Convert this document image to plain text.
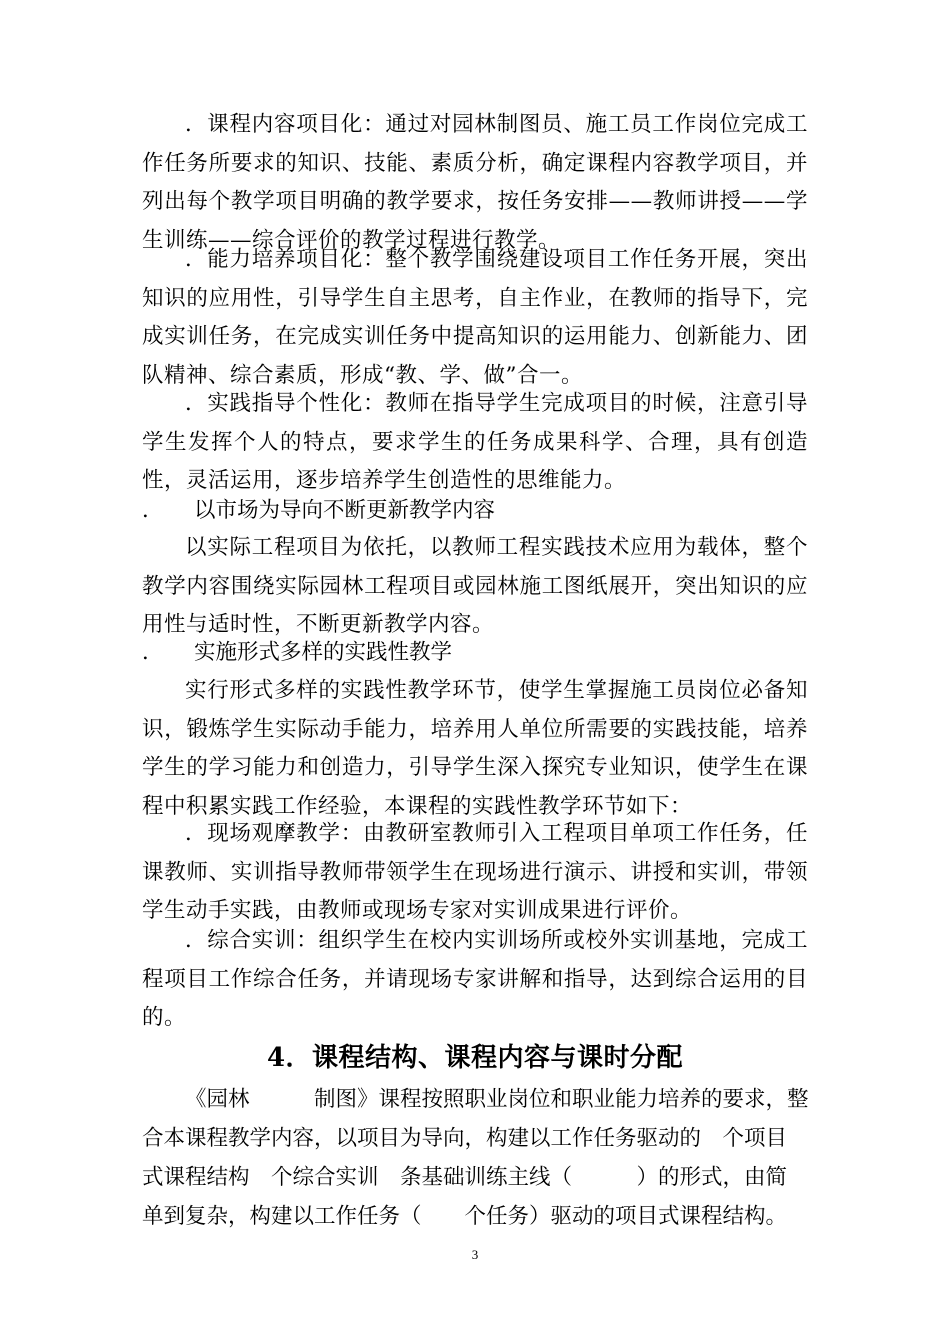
．课程内容项目化：通过对园林制图员、施工员工作岗位完成工作任务所要求的知识、技能、素质分析，确定课程内容教学项目，并列出每个教学项目明确的教学要求，按任务安排——教师讲授——学生训练——综合评价的教学过程进行教学。

．能力培养项目化：整个教学围绕建设项目工作任务开展，突出知识的应用性，引导学生自主思考，自主作业，在教师的指导下，完成实训任务，在完成实训任务中提高知识的运用能力、创新能力、团队精神、综合素质，形成“教、学、做”合一。

．实践指导个性化：教师在指导学生完成项目的时候，注意引导学生发挥个人的特点，要求学生的任务成果科学、合理，具有创造性，灵活运用，逐步培养学生创造性的思维能力。

． 以市场为导向不断更新教学内容

以实际工程项目为依托，以教师工程实践技术应用为载体，整个教学内容围绕实际园林工程项目或园林施工图纸展开，突出知识的应用性与适时性，不断更新教学内容。

． 实施形式多样的实践性教学

实行形式多样的实践性教学环节，使学生掌握施工员岗位必备知识，锻炼学生实际动手能力，培养用人单位所需要的实践技能，培养学生的学习能力和创造力，引导学生深入探究专业知识，使学生在课程中积累实践工作经验，本课程的实践性教学环节如下：

．现场观摩教学：由教研室教师引入工程项目单项工作任务，任课教师、实训指导教师带领学生在现场进行演示、讲授和实训，带领学生动手实践，由教师或现场专家对实训成果进行评价。

．综合实训：组织学生在校内实训场所或校外实训基地，完成工程项目工作综合任务，并请现场专家讲解和指导，达到综合运用的目的。

4．课程结构、课程内容与课时分配

《园林　　　制图》课程按照职业岗位和职业能力培养的要求，整

合本课程教学内容，以项目为导向，构建以工作任务驱动的　个项目

式课程结构　个综合实训　条基础训练主线（　　　）的形式，由简

单到复杂，构建以工作任务（　　个任务）驱动的项目式课程结构。

3
